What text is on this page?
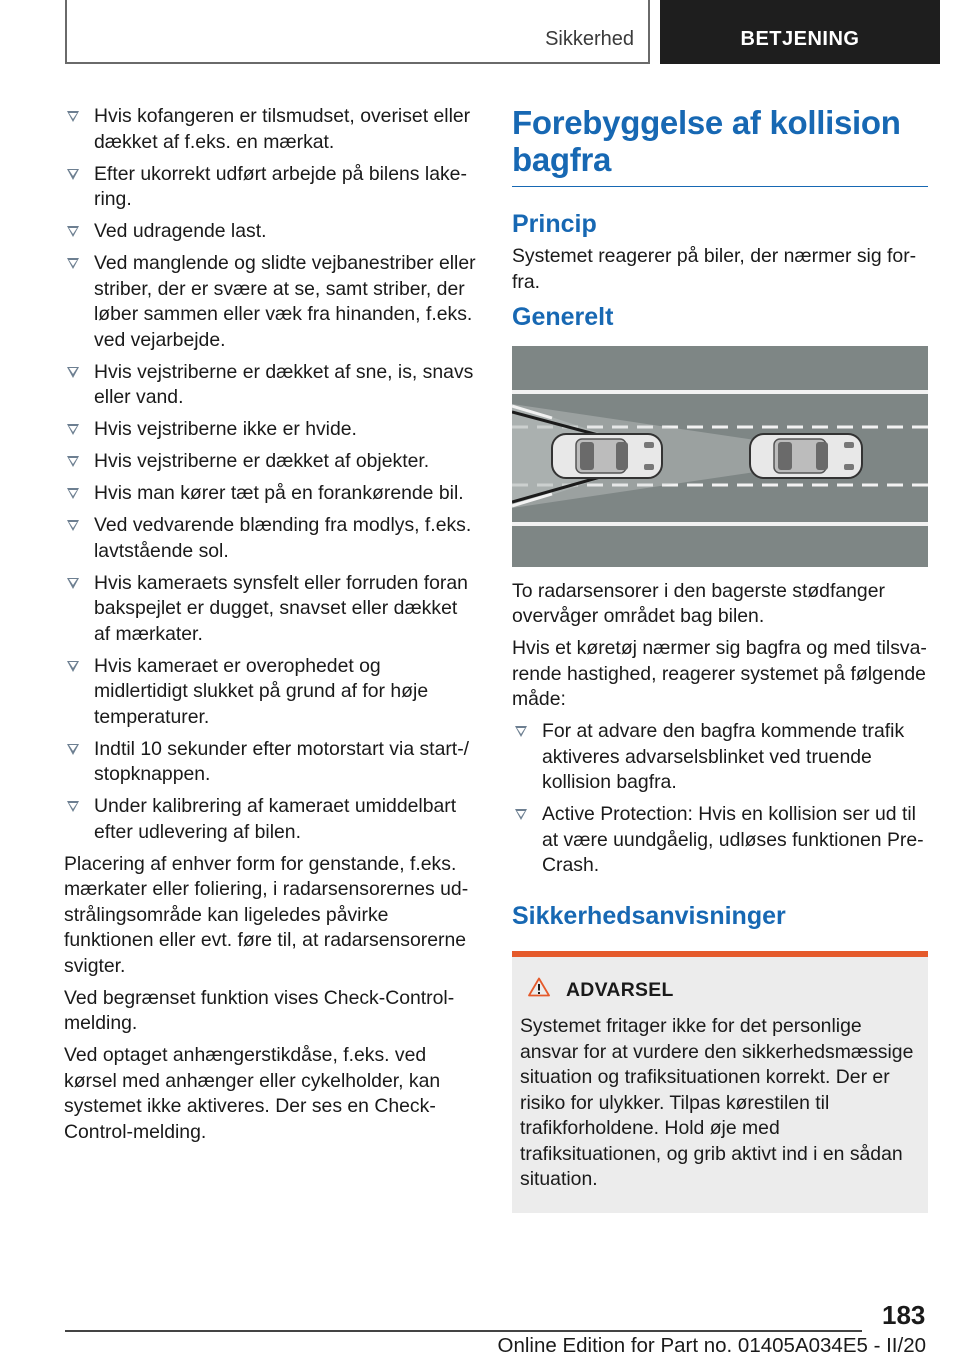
Sikkerhed	BETJENING
Hvis kofangeren er tilsmudset, overiset eller dækket af f.eks. en mærkat.
Efter ukorrekt udført arbejde på bilens lakering.
Ved udragende last.
Ved manglende og slidte vejbanestriber eller striber, der er svære at se, samt striber, der løber sammen eller væk fra hinanden, f.eks. ved vejarbejde.
Hvis vejstriberne er dækket af sne, is, snavs eller vand.
Hvis vejstriberne ikke er hvide.
Hvis vejstriberne er dækket af objekter.
Hvis man kører tæt på en forankørende bil.
Ved vedvarende blænding fra modlys, f.eks. lavtstående sol.
Hvis kameraets synsfelt eller forruden foran bakspejlet er dugget, snavset eller dækket af mærkater.
Hvis kameraet er overophedet og midlertidigt slukket på grund af for høje temperaturer.
Indtil 10 sekunder efter motorstart via start-/ stopknappen.
Under kalibrering af kameraet umiddelbart efter udlevering af bilen.

Placering af enhver form for genstande, f.eks. mærkater eller foliering, i radarsensorernes udstrålingsområde kan ligeledes påvirke funktionen eller evt. føre til, at radarsensorerne svigter.

Ved begrænset funktion vises Check-Control-melding.

Ved optaget anhængerstikdåse, f.eks. ved kørsel med anhænger eller cykelholder, kan systemet ikke aktiveres. Der ses en Check-Control-melding.

Forebyggelse af kollision bagfra
Princip

Systemet reagerer på biler, der nærmer sig forfra.

Generelt

To radarsensorer i den bagerste stødfanger overvåger området bag bilen.

Hvis et køretøj nærmer sig bagfra og med tilsvarende hastighed, reagerer systemet på følgende måde:

For at advare den bagfra kommende trafik aktiveres advarselsblinket ved truende kollision bagfra.
Active Protection: Hvis en kollision ser ud til at være uundgåelig, udløses funktionen Pre-Crash.
Sikkerhedsanvisninger
ADVARSEL

Systemet fritager ikke for det personlige ansvar for at vurdere den sikkerhedsmæssige situation og trafiksituationen korrekt. Der er risiko for ulykker. Tilpas kørestilen til trafikforholdene. Hold øje med trafiksituationen, og grib aktivt ind i en sådan situation.

183
Online Edition for Part no. 01405A034E5 - II/20
